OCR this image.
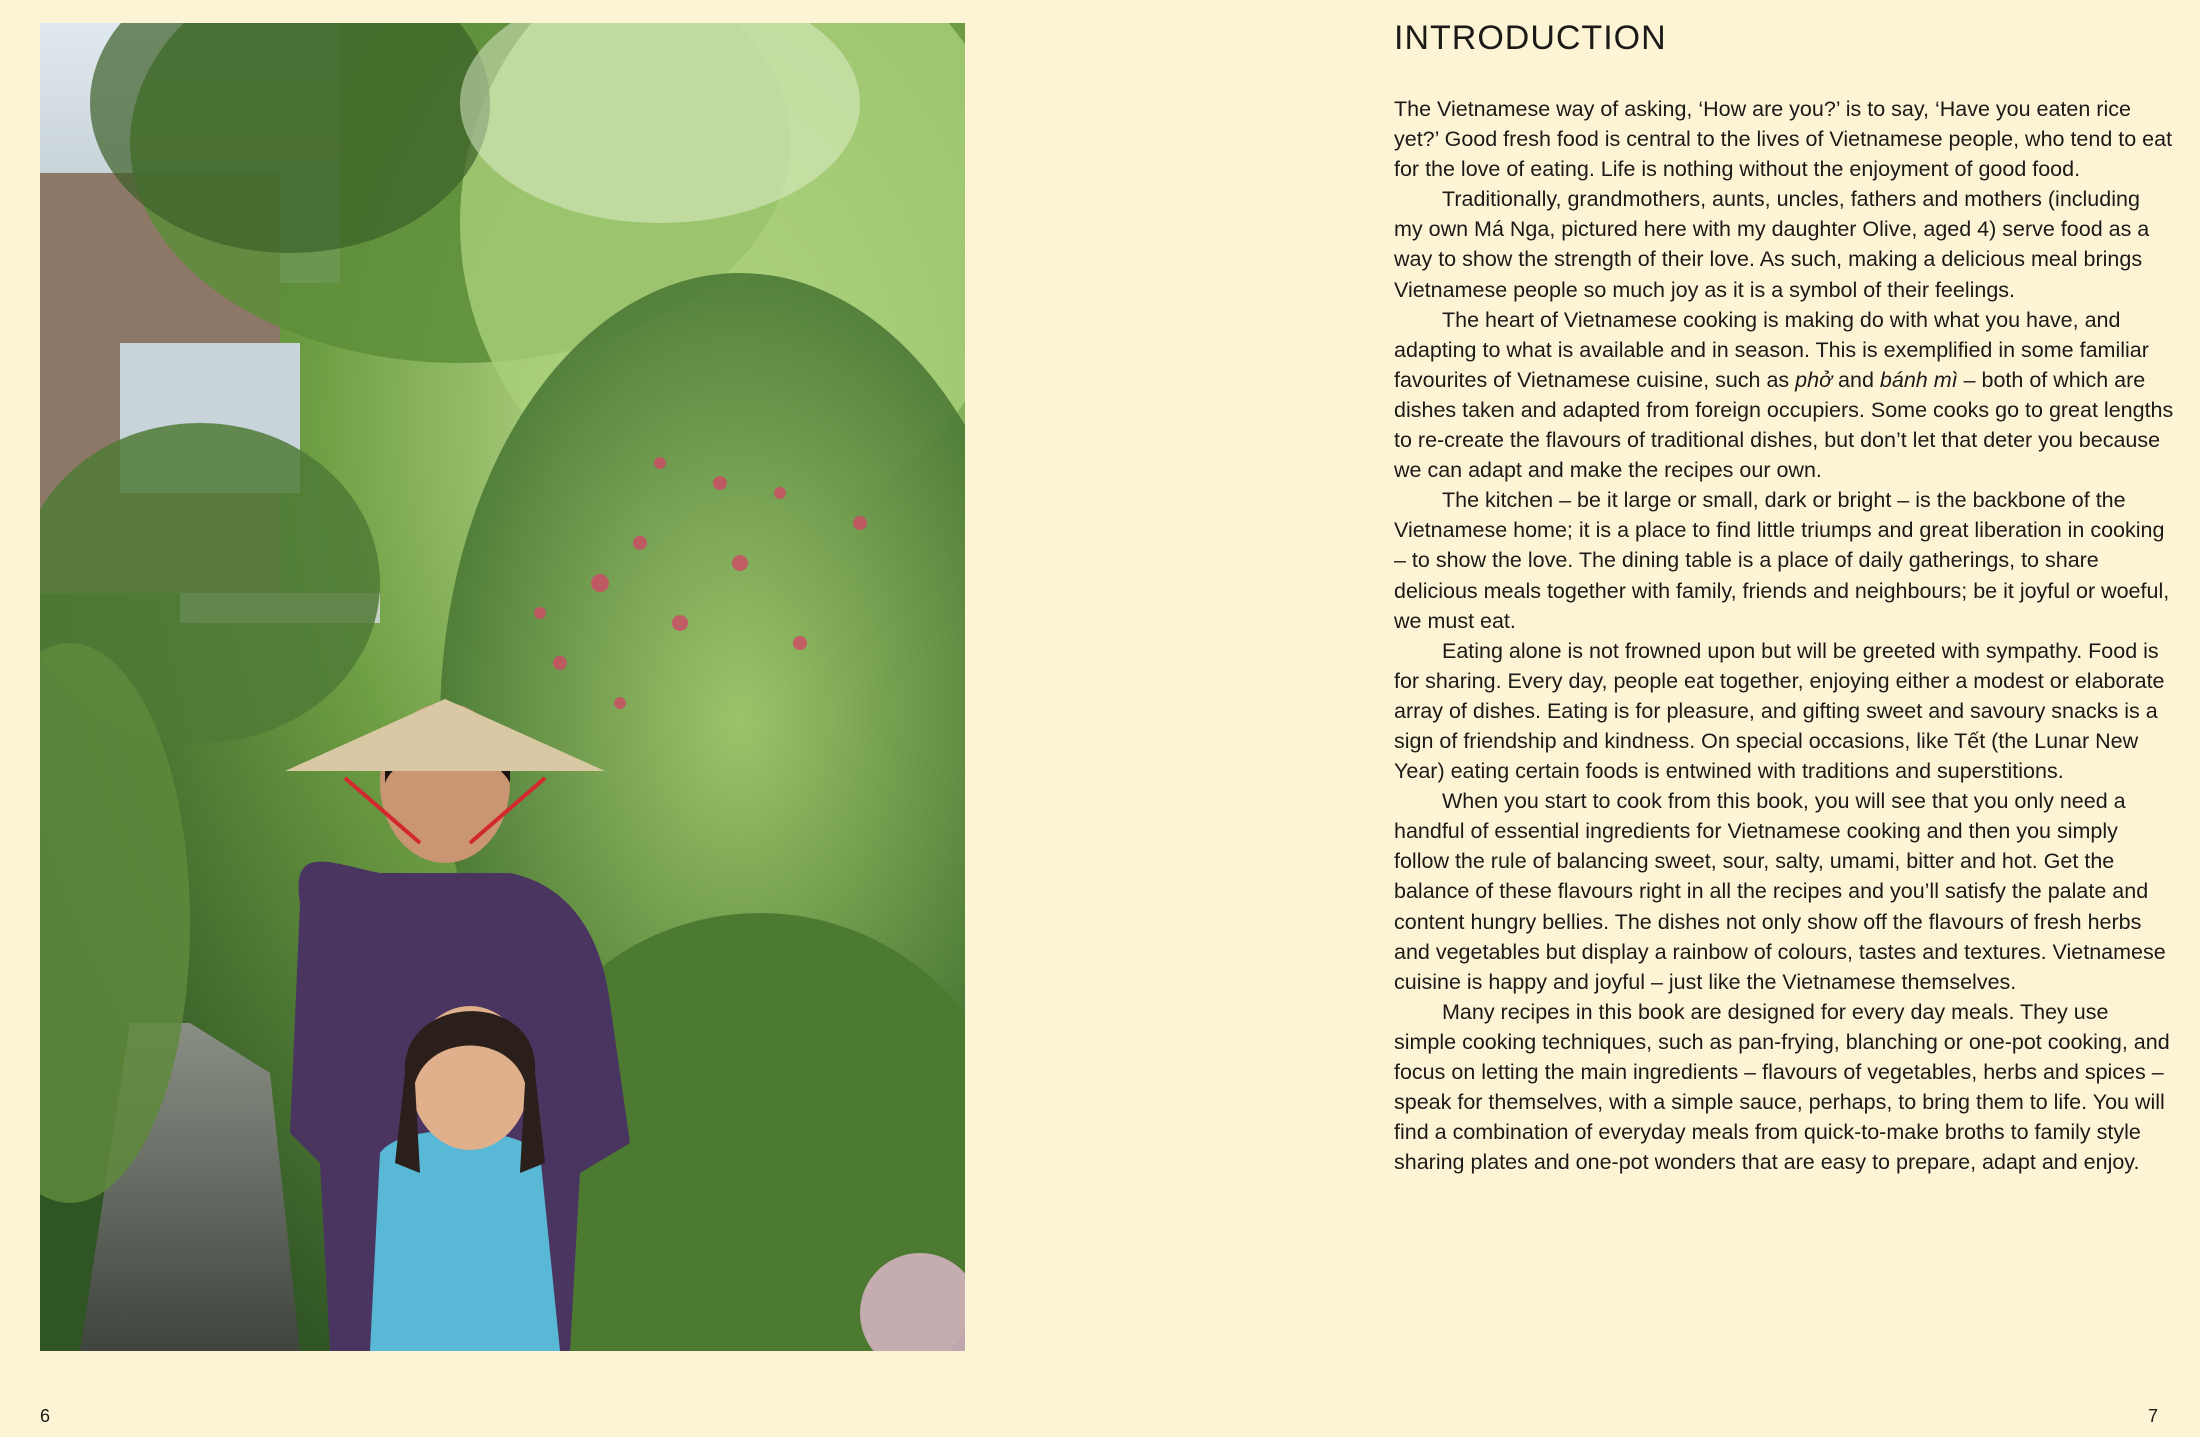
INTRODUCTION

The Vietnamese way of asking, ‘How are you?’ is to say, ‘Have you eaten rice yet?’ Good fresh food is central to the lives of Vietnamese people, who tend to eat for the love of eating. Life is nothing without the enjoyment of good food.

Traditionally, grandmothers, aunts, uncles, fathers and mothers (including my own Má Nga, pictured here with my daughter Olive, aged 4) serve food as a way to show the strength of their love. As such, making a delicious meal brings Vietnamese people so much joy as it is a symbol of their feelings.

The heart of Vietnamese cooking is making do with what you have, and adapting to what is available and in season. This is exemplified in some familiar favourites of Vietnamese cuisine, such as phở and bánh mì – both of which are dishes taken and adapted from foreign occupiers. Some cooks go to great lengths to re-create the flavours of traditional dishes, but don’t let that deter you because we can adapt and make the recipes our own.

The kitchen – be it large or small, dark or bright – is the backbone of the Vietnamese home; it is a place to find little triumps and great liberation in cooking – to show the love. The dining table is a place of daily gatherings, to share delicious meals together with family, friends and neighbours; be it joyful or woeful, we must eat.

Eating alone is not frowned upon but will be greeted with sympathy. Food is for sharing. Every day, people eat together, enjoying either a modest or elaborate array of dishes. Eating is for pleasure, and gifting sweet and savoury snacks is a sign of friendship and kindness. On special occasions, like Tết (the Lunar New Year) eating certain foods is entwined with traditions and superstitions.

When you start to cook from this book, you will see that you only need a handful of essential ingredients for Vietnamese cooking and then you simply follow the rule of balancing sweet, sour, salty, umami, bitter and hot. Get the balance of these flavours right in all the recipes and you’ll satisfy the palate and content hungry bellies. The dishes not only show off the flavours of fresh herbs and vegetables but display a rainbow of colours, tastes and textures. Vietnamese cuisine is happy and joyful – just like the Vietnamese themselves.

Many recipes in this book are designed for every day meals. They use simple cooking techniques, such as pan-frying, blanching or one-pot cooking, and focus on letting the main ingredients – flavours of vegetables, herbs and spices – speak for themselves, with a simple sauce, perhaps, to bring them to life. You will find a combination of everyday meals from quick-to-make broths to family style sharing plates and one-pot wonders that are easy to prepare, adapt and enjoy.

6	7
